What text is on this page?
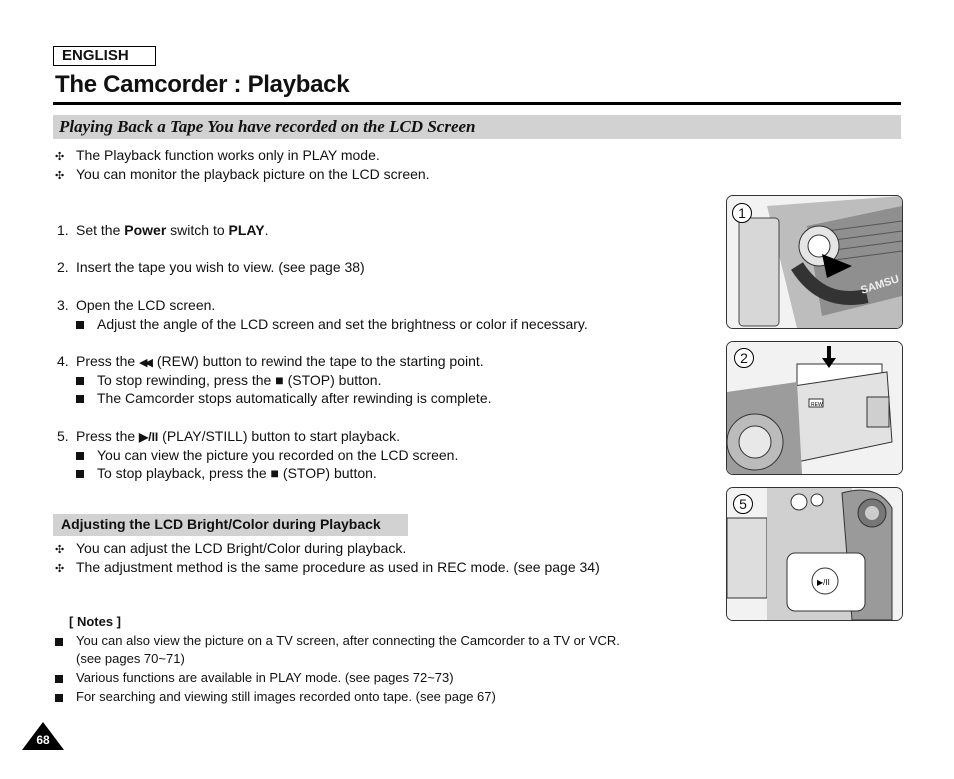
ENGLISH
The Camcorder : Playback
Playing Back a Tape You have recorded on the LCD Screen
✣ The Playback function works only in PLAY mode.
✣ You can monitor the playback picture on the LCD screen.
1. Set the Power switch to PLAY.
2. Insert the tape you wish to view. (see page 38)
3. Open the LCD screen.
Adjust the angle of the LCD screen and set the brightness or color if necessary.
4. Press the ◀◀ (REW) button to rewind the tape to the starting point.
To stop rewinding, press the ■ (STOP) button.
The Camcorder stops automatically after rewinding is complete.
5. Press the ▶/II (PLAY/STILL) button to start playback.
You can view the picture you recorded on the LCD screen.
To stop playback, press the ■ (STOP) button.
Adjusting the LCD Bright/Color during Playback
✣ You can adjust the LCD Bright/Color during playback.
✣ The adjustment method is the same procedure as used in REC mode. (see page 34)
[ Notes ]
You can also view the picture on a TV screen, after connecting the Camcorder to a TV or VCR.
(see pages 70~71)
Various functions are available in PLAY mode. (see pages 72~73)
For searching and viewing still images recorded onto tape. (see page 67)
SAMSU
1
REW
2
▶/II
5
68
